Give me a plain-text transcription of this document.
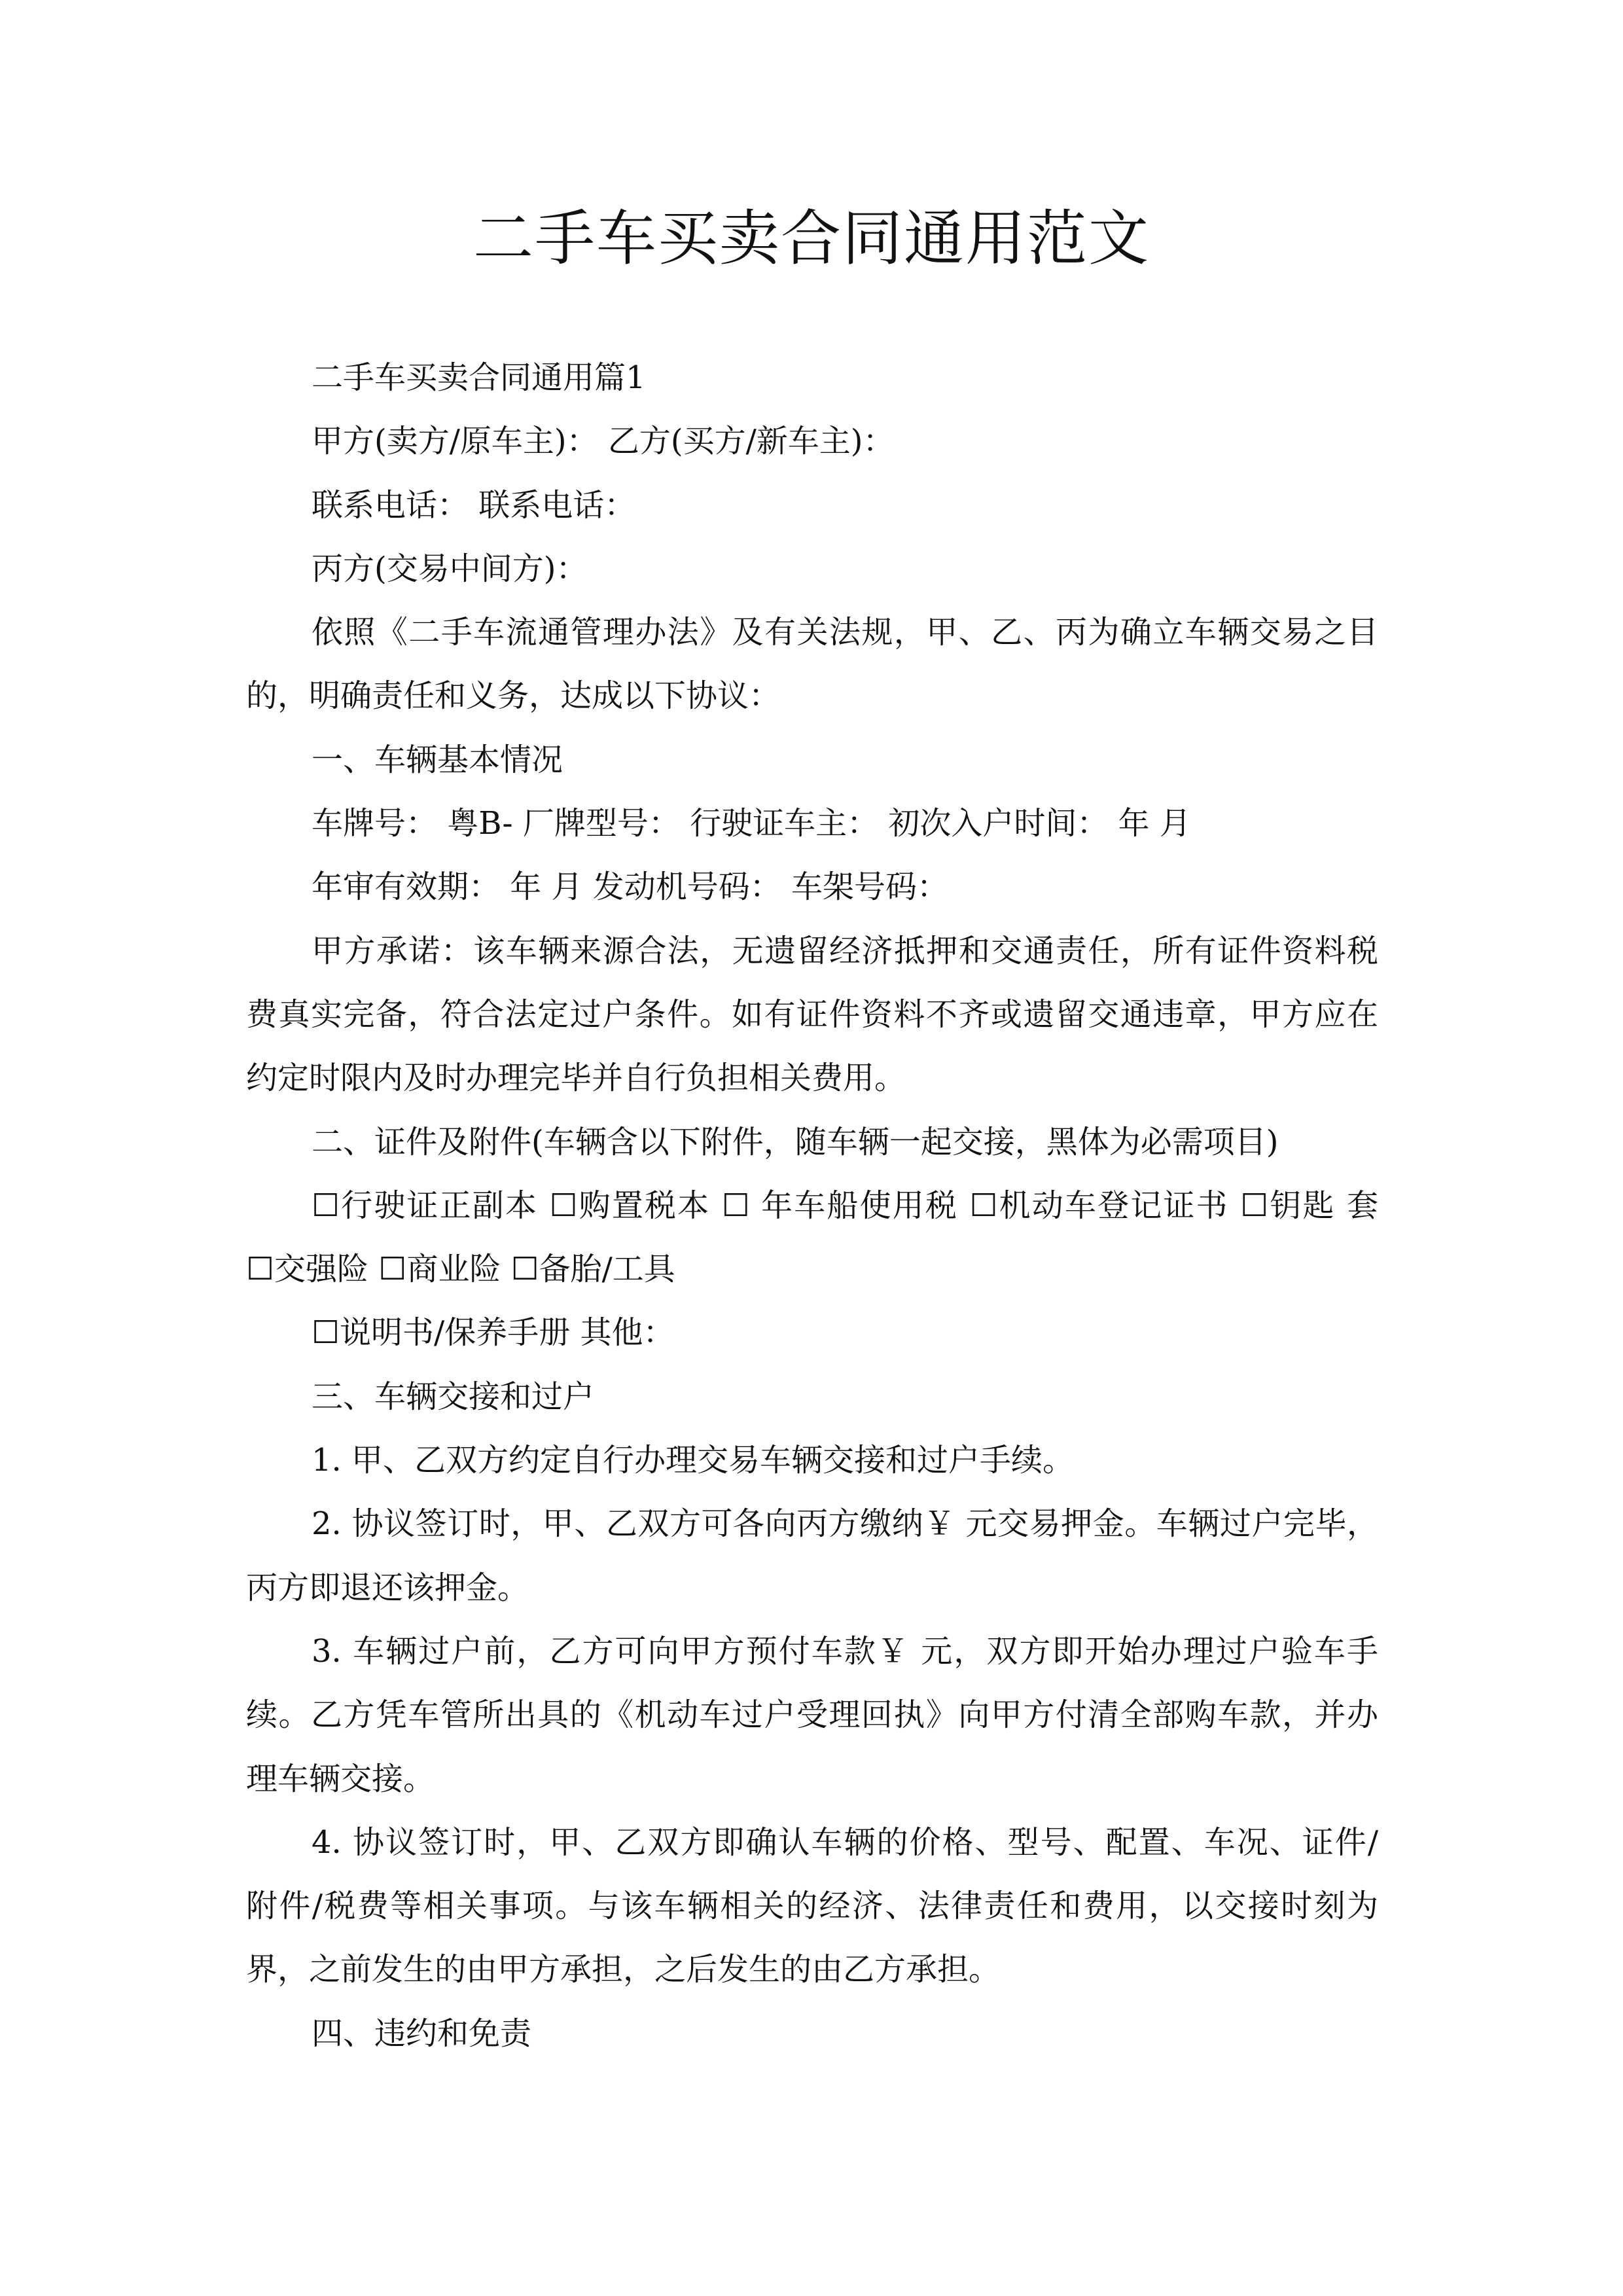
二手车买卖合同通用范文
二手车买卖合同通用篇1
甲方(卖方/原车主)： 乙方(买方/新车主)：
联系电话： 联系电话：
丙方(交易中间方)：
依照《二手车流通管理办法》及有关法规，甲、乙、丙为确立车辆交易之目
的，明确责任和义务，达成以下协议：
一、车辆基本情况
车牌号： 粤B- 厂牌型号： 行驶证车主： 初次入户时间： 年 月
年审有效期： 年 月 发动机号码： 车架号码：
甲方承诺：该车辆来源合法，无遗留经济抵押和交通责任，所有证件资料税
费真实完备，符合法定过户条件。如有证件资料不齐或遗留交通违章，甲方应在
约定时限内及时办理完毕并自行负担相关费用。
二、证件及附件(车辆含以下附件，随车辆一起交接，黑体为必需项目)
☐行驶证正副本 ☐购置税本 ☐ 年车船使用税 ☐机动车登记证书 ☐钥匙 套
☐交强险 ☐商业险 ☐备胎/工具
☐说明书/保养手册 其他：
三、车辆交接和过户
1. 甲、乙双方约定自行办理交易车辆交接和过户手续。
2. 协议签订时，甲、乙双方可各向丙方缴纳￥ 元交易押金。车辆过户完毕，
丙方即退还该押金。
3. 车辆过户前，乙方可向甲方预付车款￥ 元，双方即开始办理过户验车手
续。乙方凭车管所出具的《机动车过户受理回执》向甲方付清全部购车款，并办
理车辆交接。
4. 协议签订时，甲、乙双方即确认车辆的价格、型号、配置、车况、证件/
附件/税费等相关事项。与该车辆相关的经济、法律责任和费用，以交接时刻为
界，之前发生的由甲方承担，之后发生的由乙方承担。
四、违约和免责
